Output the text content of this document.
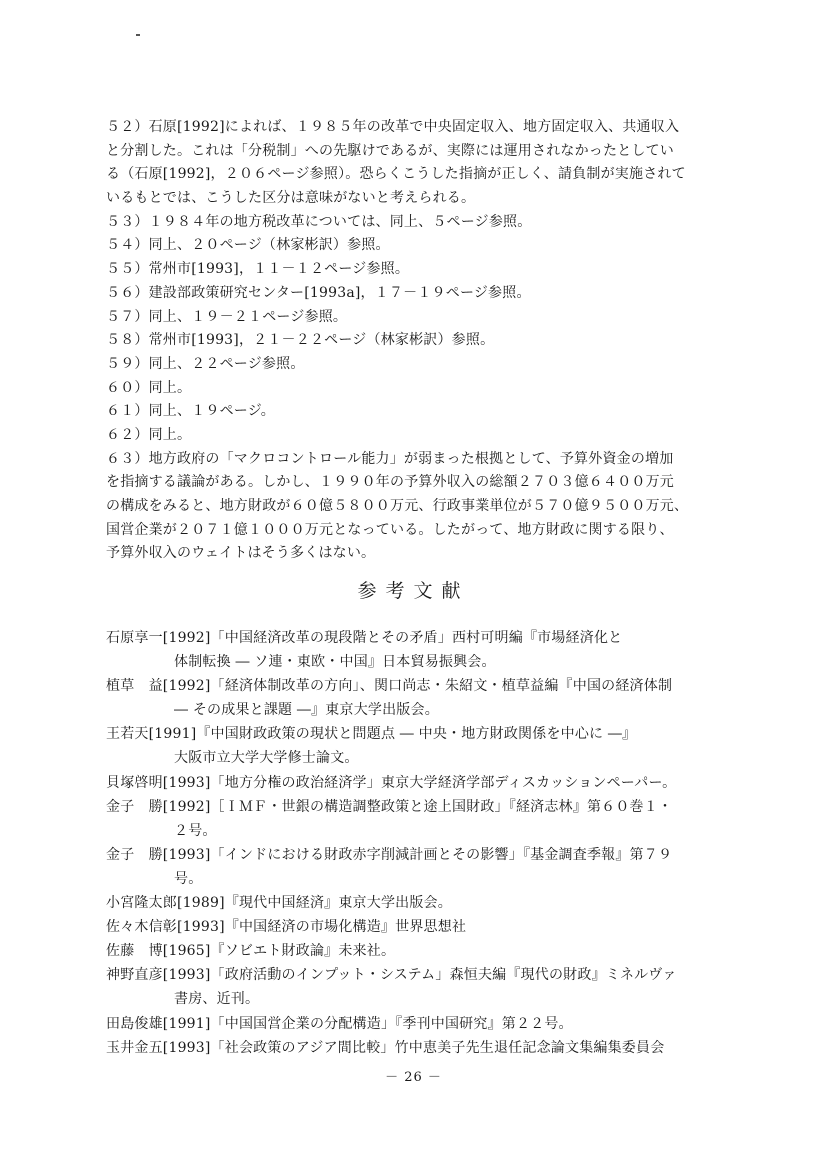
５２）石原[1992]によれば、１９８５年の改革で中央固定収入、地方固定収入、共通収入
と分割した。これは「分税制」への先駆けであるが、実際には運用されなかったとしてい
る（石原[1992]，２０６ページ参照）。恐らくこうした指摘が正しく、請負制が実施されて
いるもとでは、こうした区分は意味がないと考えられる。
５３）１９８４年の地方税改革については、同上、５ページ参照。
５４）同上、２０ページ（林家彬訳）参照。
５５）常州市[1993]，１１－１２ページ参照。
５６）建設部政策研究センター[1993a]，１７－１９ページ参照。
５７）同上、１９－２１ページ参照。
５８）常州市[1993]，２１－２２ページ（林家彬訳）参照。
５９）同上、２２ページ参照。
６０）同上。
６１）同上、１９ページ。
６２）同上。
６３）地方政府の「マクロコントロール能力」が弱まった根拠として、予算外資金の増加
を指摘する議論がある。しかし、１９９０年の予算外収入の総額２７０３億６４００万元
の構成をみると、地方財政が６０億５８００万元、行政事業単位が５７０億９５００万元、
国営企業が２０７１億１０００万元となっている。したがって、地方財政に関する限り、
予算外収入のウェイトはそう多くはない。
参考文献
石原享一[1992]「中国経済改革の現段階とその矛盾」西村可明編『市場経済化と
体制転換 ― ソ連・東欧・中国』日本貿易振興会。
植草　益[1992]「経済体制改革の方向」、関口尚志・朱紹文・植草益編『中国の経済体制
― その成果と課題 ―』東京大学出版会。
王若天[1991]『中国財政政策の現状と問題点 ― 中央・地方財政関係を中心に ―』
大阪市立大学大学修士論文。
貝塚啓明[1993]「地方分権の政治経済学」東京大学経済学部ディスカッションペーパー。
金子　勝[1992]［ＩＭＦ・世銀の構造調整政策と途上国財政」『経済志林』第６０巻１・
２号。
金子　勝[1993]「インドにおける財政赤字削減計画とその影響」『基金調査季報』第７９
号。
小宮隆太郎[1989]『現代中国経済』東京大学出版会。
佐々木信彰[1993]『中国経済の市場化構造』世界思想社
佐藤　博[1965]『ソビエト財政論』未来社。
神野直彦[1993]「政府活動のインプット・システム」森恒夫編『現代の財政』ミネルヴァ
書房、近刊。
田島俊雄[1991]「中国国営企業の分配構造」『季刊中国研究』第２２号。
玉井金五[1993]「社会政策のアジア間比較」竹中恵美子先生退任記念論文集編集委員会
－ 26 －
